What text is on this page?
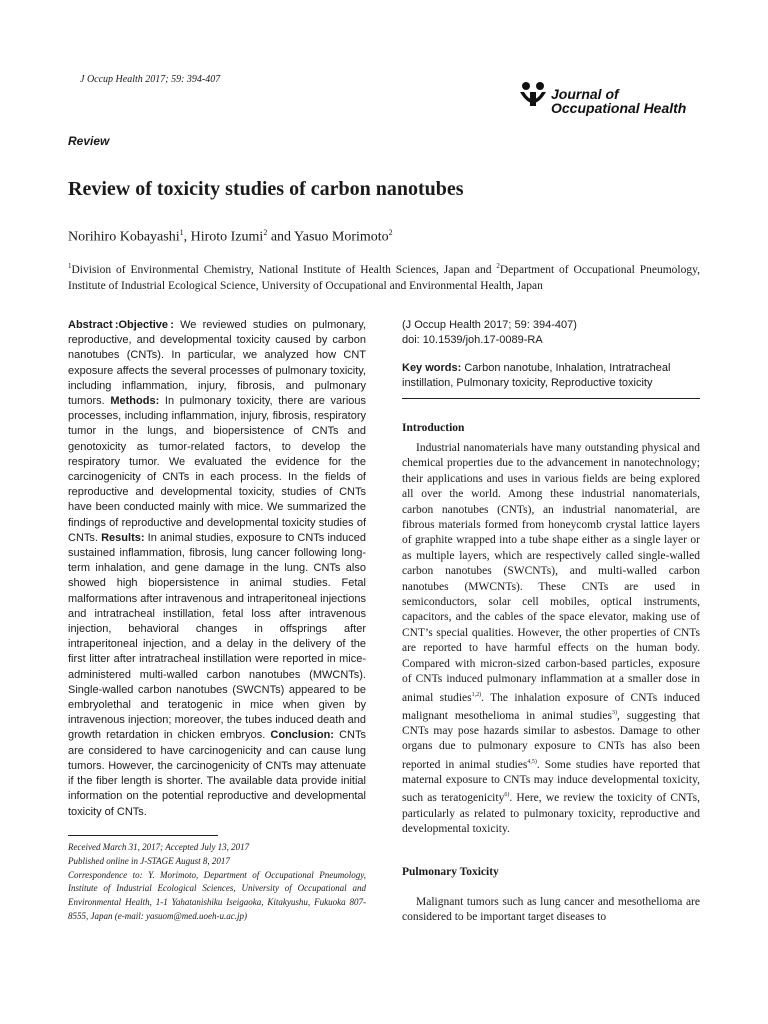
J Occup Health 2017; 59: 394-407
Journal of
Occupational Health
Review
Review of toxicity studies of carbon nanotubes
Norihiro Kobayashi$^1$, Hiroto Izumi$^2$ and Yasuo Morimoto$^2$
$^1$Division of Environmental Chemistry, National Institute of Health Sciences, Japan and $^2$Department of Occupational Pneumology, Institute of Industrial Ecological Science, University of Occupational and Environmental Health, Japan
Abstract :Objective : We reviewed studies on pulmonary, reproductive, and developmental toxicity caused by carbon nanotubes (CNTs). In particular, we analyzed how CNT exposure affects the several processes of pulmonary toxicity, including inflammation, injury, fibrosis, and pulmonary tumors. Methods: In pulmonary toxicity, there are various processes, including inflammation, injury, fibrosis, respiratory tumor in the lungs, and biopersistence of CNTs and genotoxicity as tumor-related factors, to develop the respiratory tumor. We evaluated the evidence for the carcinogenicity of CNTs in each process. In the fields of reproductive and developmental toxicity, studies of CNTs have been conducted mainly with mice. We summarized the findings of reproductive and developmental toxicity studies of CNTs. Results: In animal studies, exposure to CNTs induced sustained inflammation, fibrosis, lung cancer following long-term inhalation, and gene damage in the lung. CNTs also showed high biopersistence in animal studies. Fetal malformations after intravenous and intraperitoneal injections and intratracheal instillation, fetal loss after intravenous injection, behavioral changes in offsprings after intraperitoneal injection, and a delay in the delivery of the first litter after intratracheal instillation were reported in mice-administered multi-walled carbon nanotubes (MWCNTs). Single-walled carbon nanotubes (SWCNTs) appeared to be embryolethal and teratogenic in mice when given by intravenous injection; moreover, the tubes induced death and growth retardation in chicken embryos. Conclusion: CNTs are considered to have carcinogenicity and can cause lung tumors. However, the carcinogenicity of CNTs may attenuate if the fiber length is shorter. The available data provide initial information on the potential reproductive and developmental toxicity of CNTs.
(J Occup Health 2017; 59: 394-407)
doi: 10.1539/joh.17-0089-RA
Key words: Carbon nanotube, Inhalation, Intratracheal instillation, Pulmonary toxicity, Reproductive toxicity
Introduction
Industrial nanomaterials have many outstanding physical and chemical properties due to the advancement in nanotechnology; their applications and uses in various fields are being explored all over the world. Among these industrial nanomaterials, carbon nanotubes (CNTs), an industrial nanomaterial, are fibrous materials formed from honeycomb crystal lattice layers of graphite wrapped into a tube shape either as a single layer or as multiple layers, which are respectively called single-walled carbon nanotubes (SWCNTs), and multi-walled carbon nanotubes (MWCNTs). These CNTs are used in semiconductors, solar cell mobiles, optical instruments, capacitors, and the cables of the space elevator, making use of CNT’s special qualities. However, the other properties of CNTs are reported to have harmful effects on the human body. Compared with micron-sized carbon-based particles, exposure of CNTs induced pulmonary inflammation at a smaller dose in animal studies$^{1,2)}$. The inhalation exposure of CNTs induced malignant mesothelioma in animal studies$^{3)}$, suggesting that CNTs may pose hazards similar to asbestos. Damage to other organs due to pulmonary exposure to CNTs has also been reported in animal studies$^{4,5)}$. Some studies have reported that maternal exposure to CNTs may induce developmental toxicity, such as teratogenicity$^{6)}$. Here, we review the toxicity of CNTs, particularly as related to pulmonary toxicity, reproductive and developmental toxicity.
Pulmonary Toxicity
Malignant tumors such as lung cancer and mesothelioma are considered to be important target diseases to
Received March 31, 2017; Accepted July 13, 2017
Published online in J-STAGE August 8, 2017
Correspondence to: Y. Morimoto, Department of Occupational Pneumology, Institute of Industrial Ecological Sciences, University of Occupational and Environmental Health, 1-1 Yahatanishiku Iseigaoka, Kitakyushu, Fukuoka 807-8555, Japan (e-mail: yasuom@med.uoeh-u.ac.jp)
